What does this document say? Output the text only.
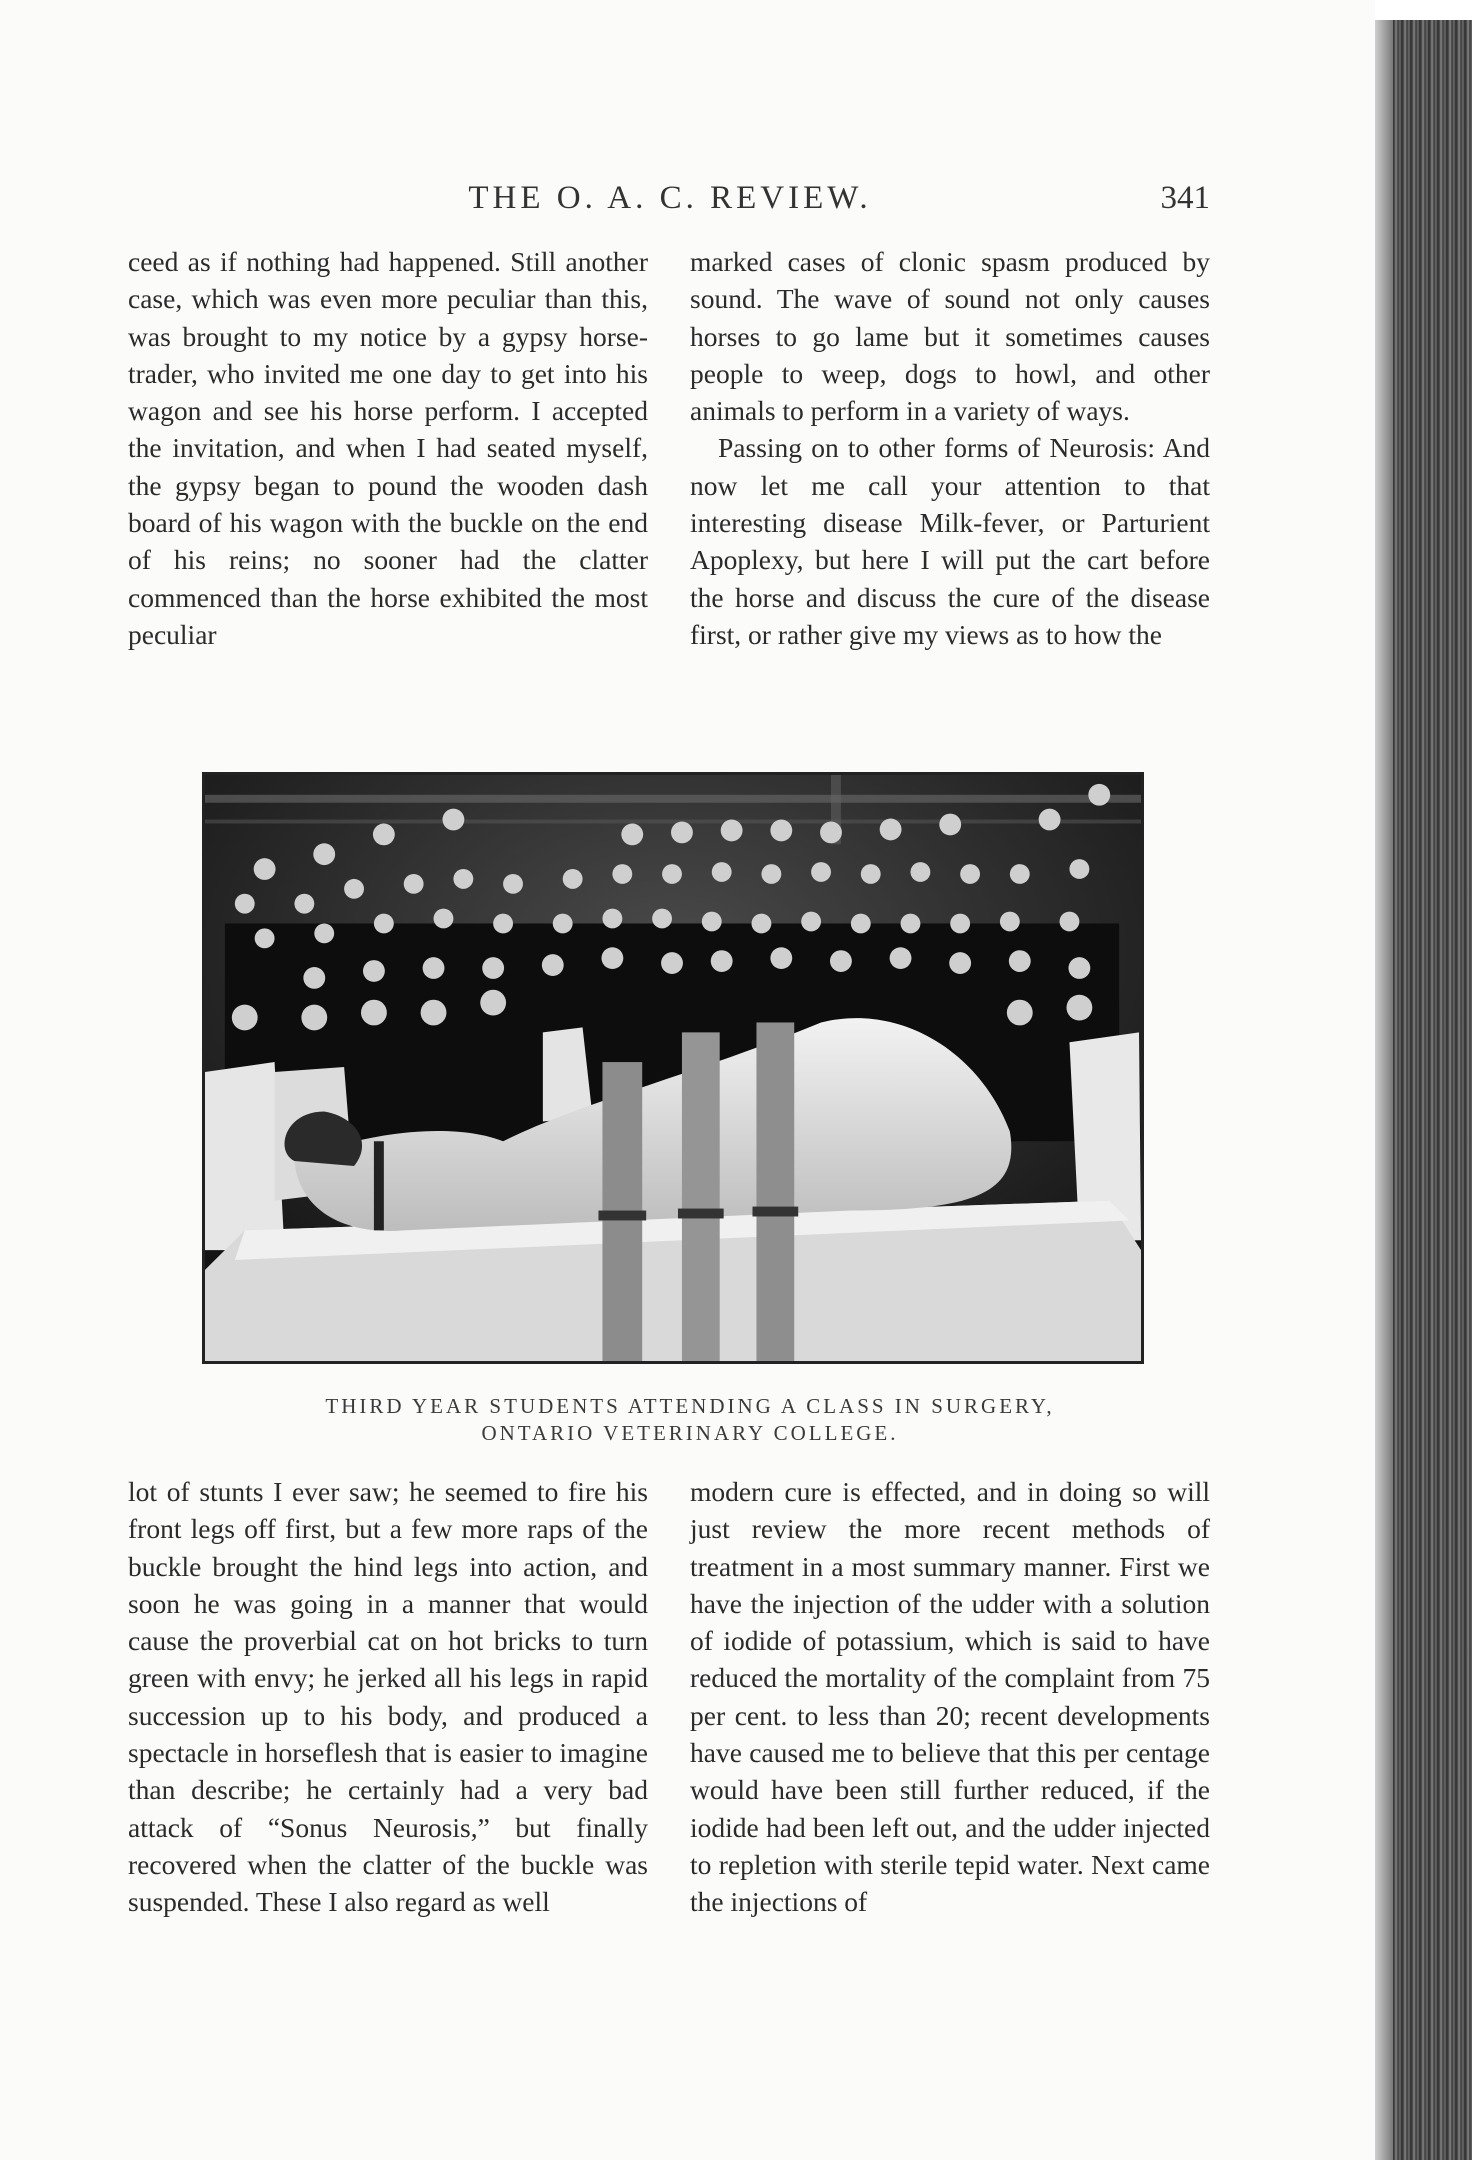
THE O. A. C. REVIEW.	341

ceed as if nothing had happened. Still another case, which was even more peculiar than this, was brought to my notice by a gypsy horse-trader, who invited me one day to get into his wagon and see his horse perform. I accepted the invitation, and when I had seated myself, the gypsy began to pound the wooden dash board of his wagon with the buckle on the end of his reins; no sooner had the clatter commenced than the horse exhibited the most peculiar

marked cases of clonic spasm produced by sound. The wave of sound not only causes horses to go lame but it sometimes causes people to weep, dogs to howl, and other animals to perform in a variety of ways.

Passing on to other forms of Neurosis: And now let me call your attention to that interesting disease Milk-fever, or Parturient Apoplexy, but here I will put the cart before the horse and discuss the cure of the disease first, or rather give my views as to how the

THIRD YEAR STUDENTS ATTENDING A CLASS IN SURGERY,
ONTARIO VETERINARY COLLEGE.

lot of stunts I ever saw; he seemed to fire his front legs off first, but a few more raps of the buckle brought the hind legs into action, and soon he was going in a manner that would cause the proverbial cat on hot bricks to turn green with envy; he jerked all his legs in rapid succession up to his body, and produced a spectacle in horseflesh that is easier to imagine than describe; he certainly had a very bad attack of “Sonus Neurosis,” but finally recovered when the clatter of the buckle was suspended. These I also regard as well

modern cure is effected, and in doing so will just review the more recent methods of treatment in a most summary manner. First we have the injection of the udder with a solution of iodide of potassium, which is said to have reduced the mortality of the complaint from 75 per cent. to less than 20; recent developments have caused me to believe that this per centage would have been still further reduced, if the iodide had been left out, and the udder injected to repletion with sterile tepid water. Next came the injections of
